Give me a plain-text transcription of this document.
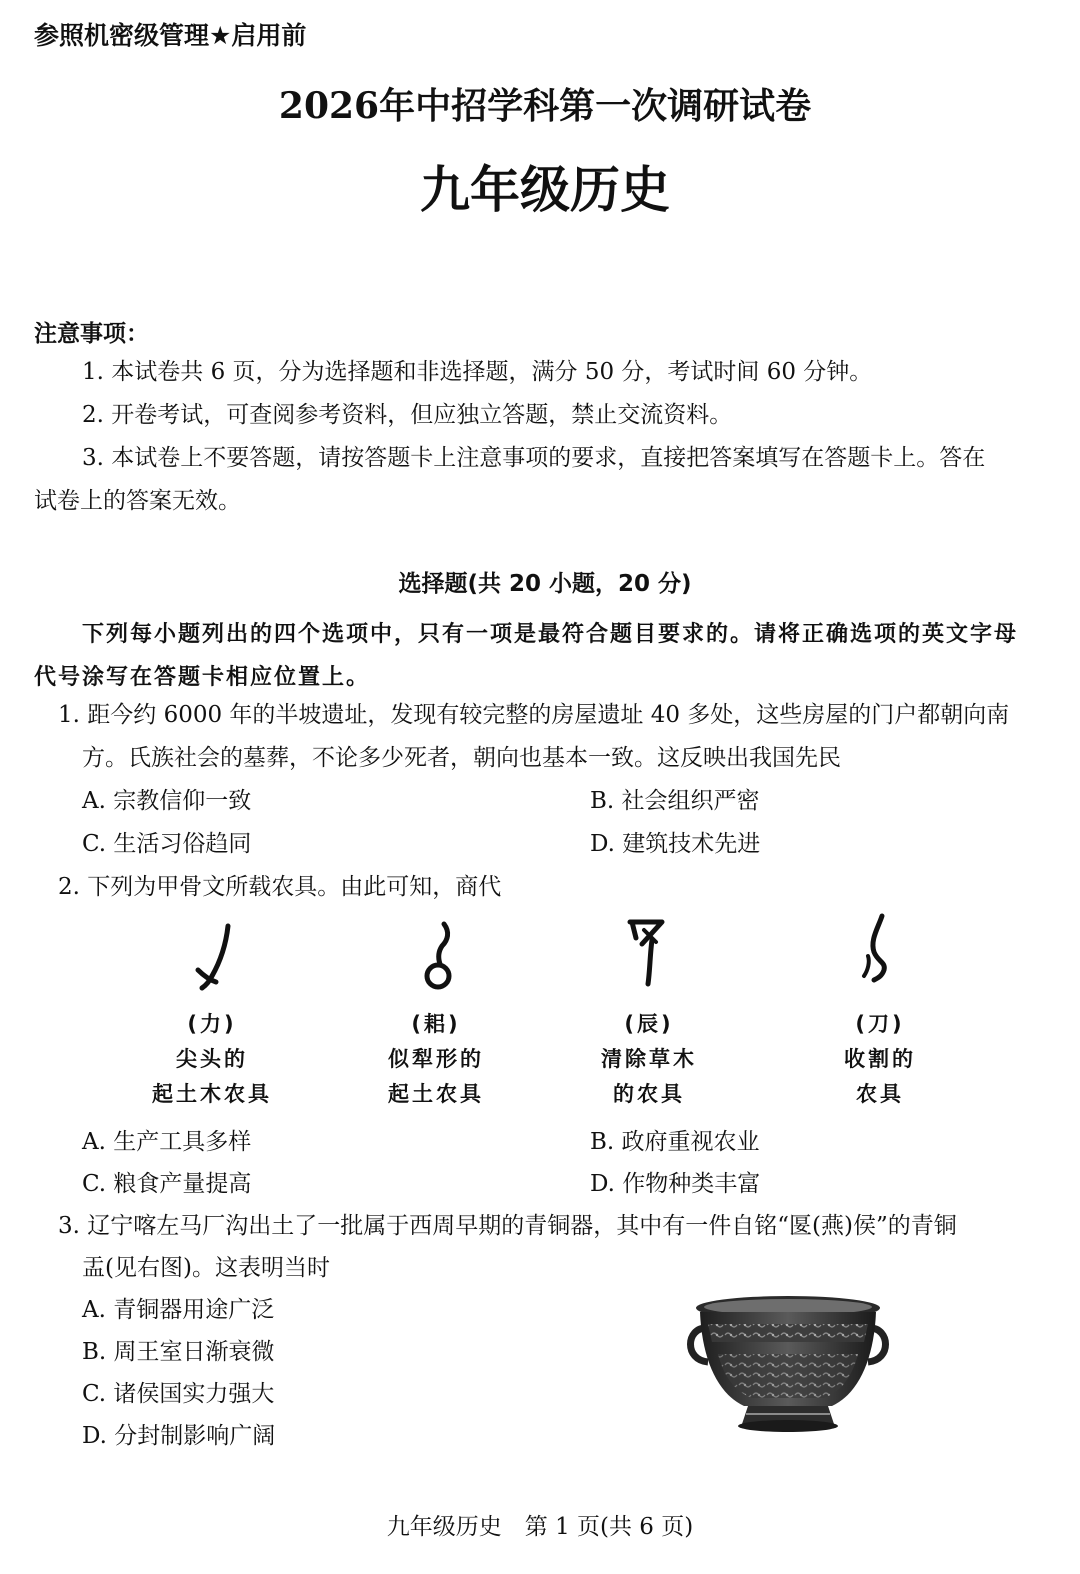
参照机密级管理★启用前
2026年中招学科第一次调研试卷
九年级历史
注意事项：
1. 本试卷共 6 页，分为选择题和非选择题，满分 50 分，考试时间 60 分钟。
2. 开卷考试，可查阅参考资料，但应独立答题，禁止交流资料。
3. 本试卷上不要答题，请按答题卡上注意事项的要求，直接把答案填写在答题卡上。答在
试卷上的答案无效。
选择题(共 20 小题，20 分)
下列每小题列出的四个选项中，只有一项是最符合题目要求的。请将正确选项的英文字母
代号涂写在答题卡相应位置上。
1. 距今约 6000 年的半坡遗址，发现有较完整的房屋遗址 40 多处，这些房屋的门户都朝向南
方。氏族社会的墓葬，不论多少死者，朝向也基本一致。这反映出我国先民
A. 宗教信仰一致	B. 社会组织严密
C. 生活习俗趋同	D. 建筑技术先进
2. 下列为甲骨文所载农具。由此可知，商代
(力)
尖头的
起土木农具
(耜)
似犁形的
起土农具
(辰)
清除草木
的农具
(刀)
收割的
农具
A. 生产工具多样	B. 政府重视农业
C. 粮食产量提高	D. 作物种类丰富
3. 辽宁喀左马厂沟出土了一批属于西周早期的青铜器，其中有一件自铭“匽(燕)侯”的青铜
盂(见右图)。这表明当时
A. 青铜器用途广泛
B. 周王室日渐衰微
C. 诸侯国实力强大
D. 分封制影响广阔
九年级历史　第 1 页(共 6 页)
